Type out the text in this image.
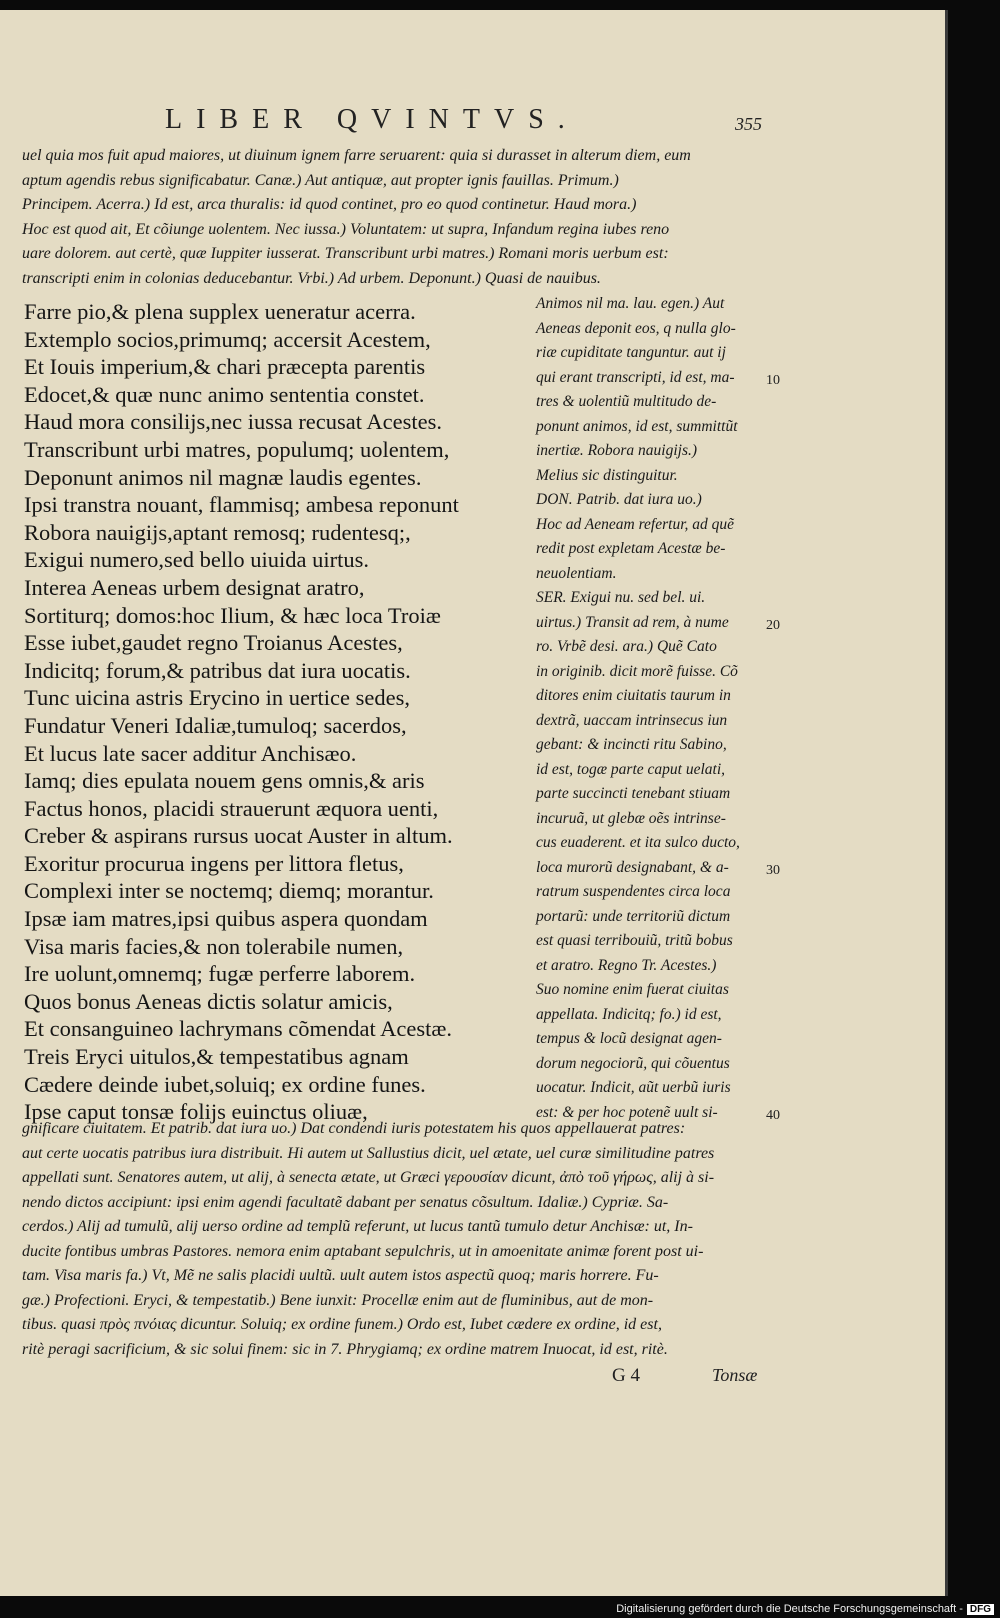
LIBER QVINTVS.	355
uel quia mos fuit apud maiores, ut diuinum ignem farre seruarent: quia si durasset in alterum diem, eum
aptum agendis rebus significabatur. Canæ.) Aut antiquæ, aut propter ignis fauillas. Primum.)
Principem. Acerra.) Id est, arca thuralis: id quod continet, pro eo quod continetur. Haud mora.)
Hoc est quod ait, Et cõiunge uolentem. Nec iussa.) Voluntatem: ut supra, Infandum regina iubes reno
uare dolorem. aut certè, quæ Iuppiter iusserat. Transcribunt urbi matres.) Romani moris uerbum est:
transcripti enim in colonias deducebantur. Vrbi.) Ad urbem. Deponunt.) Quasi de nauibus.
Farre pio,& plena supplex ueneratur acerra.
Extemplo socios,primumq; accersit Acestem,
Et Iouis imperium,& chari præcepta parentis
Edocet,& quæ nunc animo sententia constet.
Haud mora consilijs,nec iussa recusat Acestes.
Transcribunt urbi matres, populumq; uolentem,
Deponunt animos nil magnæ laudis egentes.
Ipsi transtra nouant, flammisq; ambesa reponunt
Robora nauigijs,aptant remosq; rudentesq;,
Exigui numero,sed bello uiuida uirtus.
Interea Aeneas urbem designat aratro,
Sortiturq; domos:hoc Ilium, & hæc loca Troiæ
Esse iubet,gaudet regno Troianus Acestes,
Indicitq; forum,& patribus dat iura uocatis.
Tunc uicina astris Erycino in uertice sedes,
Fundatur Veneri Idaliæ,tumuloq; sacerdos,
Et lucus late sacer additur Anchisæo.
Iamq; dies epulata nouem gens omnis,& aris
Factus honos, placidi strauerunt æquora uenti,
Creber & aspirans rursus uocat Auster in altum.
Exoritur procurua ingens per littora fletus,
Complexi inter se noctemq; diemq; morantur.
Ipsæ iam matres,ipsi quibus aspera quondam
Visa maris facies,& non tolerabile numen,
Ire uolunt,omnemq; fugæ perferre laborem.
Quos bonus Aeneas dictis solatur amicis,
Et consanguineo lachrymans cõmendat Acestæ.
Treis Eryci uitulos,& tempestatibus agnam
Cædere deinde iubet,soluiq; ex ordine funes.
Ipse caput tonsæ folijs euinctus oliuæ,
Animos nil ma. lau. egen.) Aut
Aeneas deponit eos, q nulla glo-
riæ cupiditate tanguntur. aut ij
qui erant transcripti, id est, ma-
tres & uolentiũ multitudo de-
ponunt animos, id est, summittũt
inertiæ. Robora nauigijs.)
Melius sic distinguitur.
DON. Patrib. dat iura uo.)
Hoc ad Aeneam refertur, ad quẽ
redit post expletam Acestæ be-
neuolentiam.
SER. Exigui nu. sed bel. ui.
uirtus.) Transit ad rem, à nume
ro. Vrbẽ desi. ara.) Quẽ Cato
in originib. dicit morẽ fuisse. Cõ
ditores enim ciuitatis taurum in
dextrã, uaccam intrinsecus iun
gebant: & incincti ritu Sabino,
id est, togæ parte caput uelati,
parte succincti tenebant stiuam
incuruã, ut glebæ oẽs intrinse-
cus euaderent. et ita sulco ducto,
loca murorũ designabant, & a-
ratrum suspendentes circa loca
portarũ: unde territoriũ dictum
est quasi terribouiũ, tritũ bobus
et aratro. Regno Tr. Acestes.)
Suo nomine enim fuerat ciuitas
appellata. Indicitq; fo.) id est,
tempus & locũ designat agen-
dorum negociorũ, qui cõuentus
uocatur. Indicit, aũt uerbũ iuris
est: & per hoc potenẽ uult si-
10
20
30
40
gnificare ciuitatem. Et patrib. dat iura uo.) Dat condendi iuris potestatem his quos appellauerat patres:
aut certe uocatis patribus iura distribuit. Hi autem ut Sallustius dicit, uel ætate, uel curæ similitudine patres
appellati sunt. Senatores autem, ut alij, à senecta ætate, ut Græci γερουσίαν dicunt, ἀπὸ τοῦ γήρως, alij à si-
nendo dictos accipiunt: ipsi enim agendi facultatẽ dabant per senatus cõsultum. Idaliæ.) Cypriæ. Sa-
cerdos.) Alij ad tumulũ, alij uerso ordine ad templũ referunt, ut lucus tantũ tumulo detur Anchisæ: ut, In-
ducite fontibus umbras Pastores. nemora enim aptabant sepulchris, ut in amoenitate animæ forent post ui-
tam. Visa maris fa.) Vt, Mẽ ne salis placidi uultũ. uult autem istos aspectũ quoq; maris horrere. Fu-
gæ.) Profectioni. Eryci, & tempestatib.) Bene iunxit: Procellæ enim aut de fluminibus, aut de mon-
tibus. quasi πρὸς πνόιας dicuntur. Soluiq; ex ordine funem.) Ordo est, Iubet cædere ex ordine, id est,
ritè peragi sacrificium, & sic solui finem: sic in 7. Phrygiamq; ex ordine matrem Inuocat, id est, ritè.
G 4	Tonsæ
Digitalisierung gefördert durch die Deutsche Forschungsgemeinschaft - DFG
